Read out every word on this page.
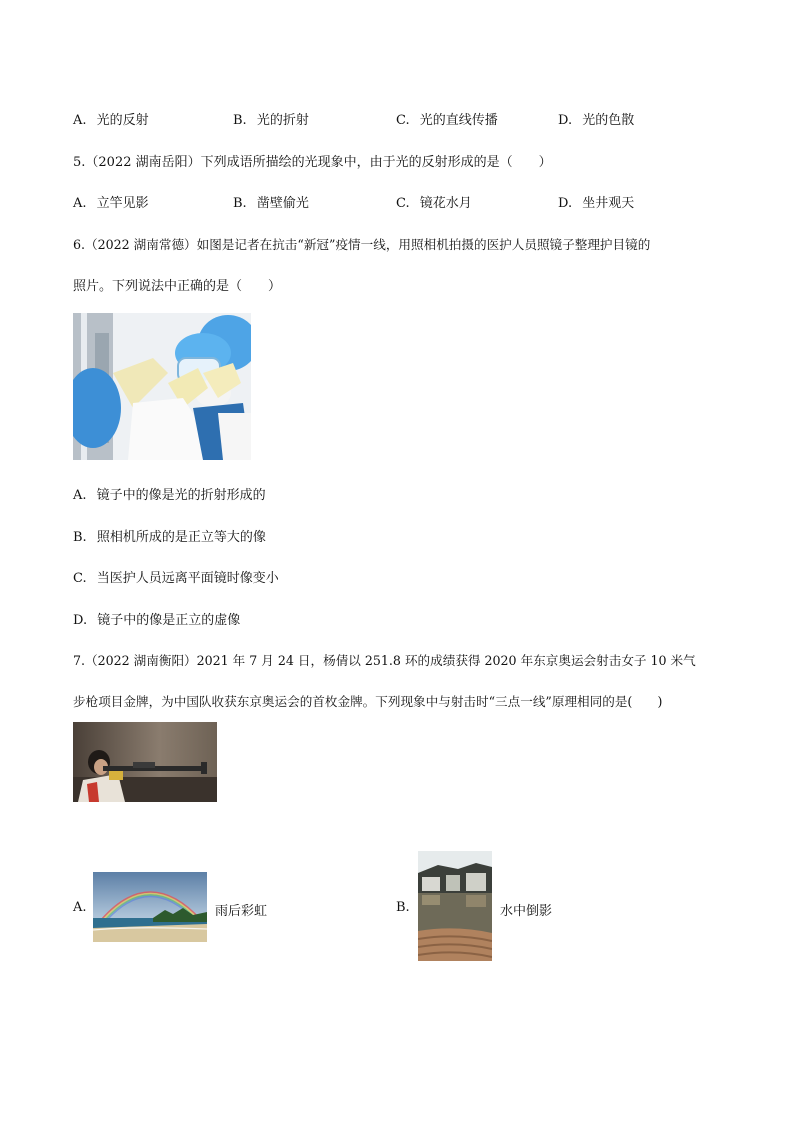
A. 光的反射	B. 光的折射	C. 光的直线传播	D. 光的色散
5.（2022 湖南岳阳）下列成语所描绘的光现象中，由于光的反射形成的是（　　）
A. 立竿见影	B. 凿壁偷光	C. 镜花水月	D. 坐井观天
6.（2022 湖南常德）如图是记者在抗击“新冠”疫情一线，用照相机拍摄的医护人员照镜子整理护目镜的
照片。下列说法中正确的是（　　）
A. 镜子中的像是光的折射形成的
B. 照相机所成的是正立等大的像
C. 当医护人员远离平面镜时像变小
D. 镜子中的像是正立的虚像
7.（2022 湖南衡阳）2021 年 7 月 24 日，杨倩以 251.8 环的成绩获得 2020 年东京奥运会射击女子 10 米气
步枪项目金牌，为中国队收获东京奥运会的首枚金牌。下列现象中与射击时“三点一线”原理相同的是(　　)
A.	雨后彩虹	B.	水中倒影
